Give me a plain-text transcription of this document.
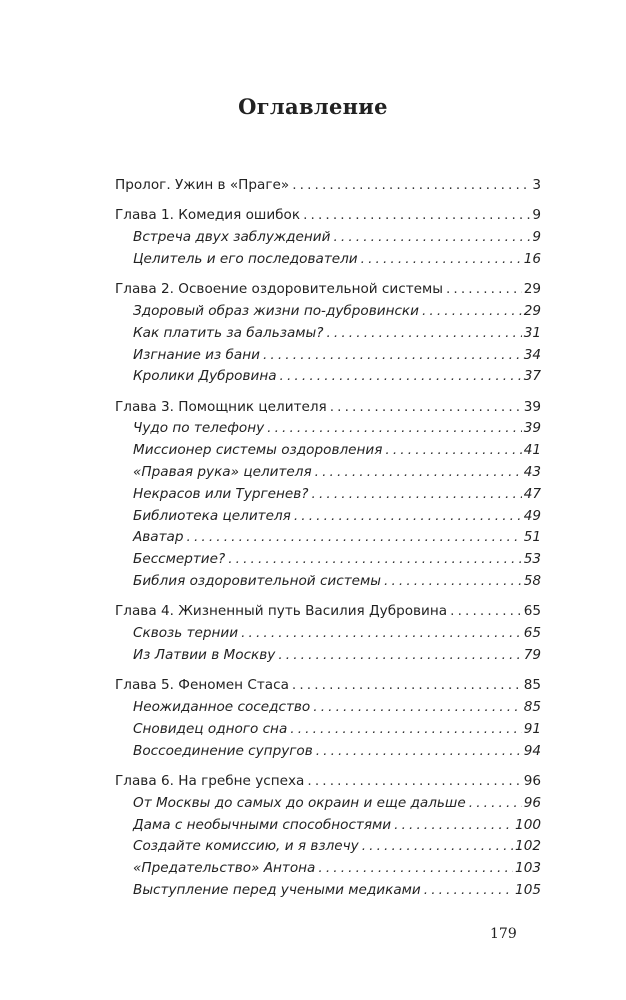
Оглавление
Пролог. Ужин в «Праге» . . .	3
Глава 1. Комедия ошибок . . .	9
Встреча двух заблуждений . . .	9
Целитель и его последователи . . .	16
Глава 2. Освоение оздоровительной системы . . .	29
Здоровый образ жизни по-дубровински . . .	29
Как платить за бальзамы? . . .	31
Изгнание из бани . . .	34
Кролики Дубровина . . .	37
Глава 3. Помощник целителя . . .	39
Чудо по телефону . . .	39
Миссионер системы оздоровления . . .	41
«Правая рука» целителя . . .	43
Некрасов или Тургенев? . . .	47
Библиотека целителя . . .	49
Аватар . . .	51
Бессмертие? . . .	53
Библия оздоровительной системы . . .	58
Глава 4. Жизненный путь Василия Дубровина . . .	65
Сквозь тернии . . .	65
Из Латвии в Москву . . .	79
Глава 5. Феномен Стаса . . .	85
Неожиданное соседство . . .	85
Сновидец одного сна . . .	91
Воссоединение супругов . . .	94
Глава 6. На гребне успеха . . .	96
От Москвы до самых до окраин и еще дальше . . .	96
Дама с необычными способностями . . .	100
Создайте комиссию, и я взлечу . . .	102
«Предательство» Антона . . .	103
Выступление перед учеными медиками . . .	105
179
